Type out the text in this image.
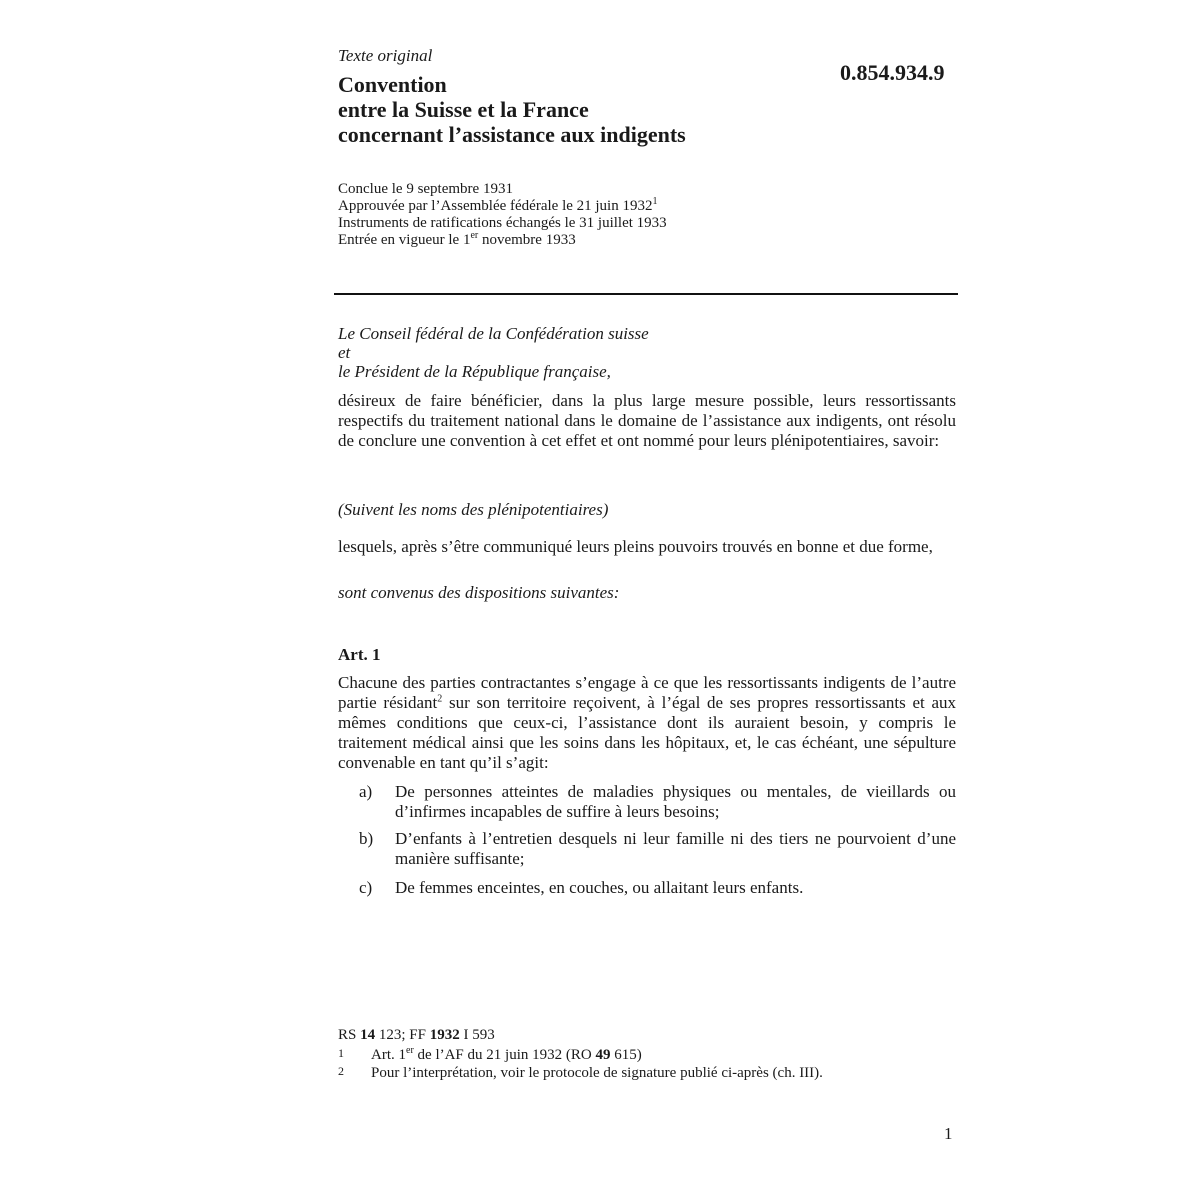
Texte original
0.854.934.9
Convention
entre la Suisse et la France
concernant l’assistance aux indigents
Conclue le 9 septembre 1931
Approuvée par l’Assemblée fédérale le 21 juin 1932$^1$
Instruments de ratifications échangés le 31 juillet 1933
Entrée en vigueur le 1er novembre 1933
Le Conseil fédéral de la Confédération suisse
et
le Président de la République française,
désireux de faire bénéficier, dans la plus large mesure possible, leurs ressortissants respectifs du traitement national dans le domaine de l’assistance aux indigents, ont résolu de conclure une convention à cet effet et ont nommé pour leurs plénipotentiaires, savoir:
(Suivent les noms des plénipotentiaires)
lesquels, après s’être communiqué leurs pleins pouvoirs trouvés en bonne et due forme,
sont convenus des dispositions suivantes:
Art. 1
Chacune des parties contractantes s’engage à ce que les ressortissants indigents de l’autre partie résidant$^2$ sur son territoire reçoivent, à l’égal de ses propres ressortissants et aux mêmes conditions que ceux-ci, l’assistance dont ils auraient besoin, y compris le traitement médical ainsi que les soins dans les hôpitaux, et, le cas échéant, une sépulture convenable en tant qu’il s’agit:
a) De personnes atteintes de maladies physiques ou mentales, de vieillards ou d’infirmes incapables de suffire à leurs besoins;
b) D’enfants à l’entretien desquels ni leur famille ni des tiers ne pourvoient d’une manière suffisante;
c) De femmes enceintes, en couches, ou allaitant leurs enfants.
RS 14 123; FF 1932 I 593
1 Art. 1er de l’AF du 21 juin 1932 (RO 49 615)
2 Pour l’interprétation, voir le protocole de signature publié ci-après (ch. III).
1
